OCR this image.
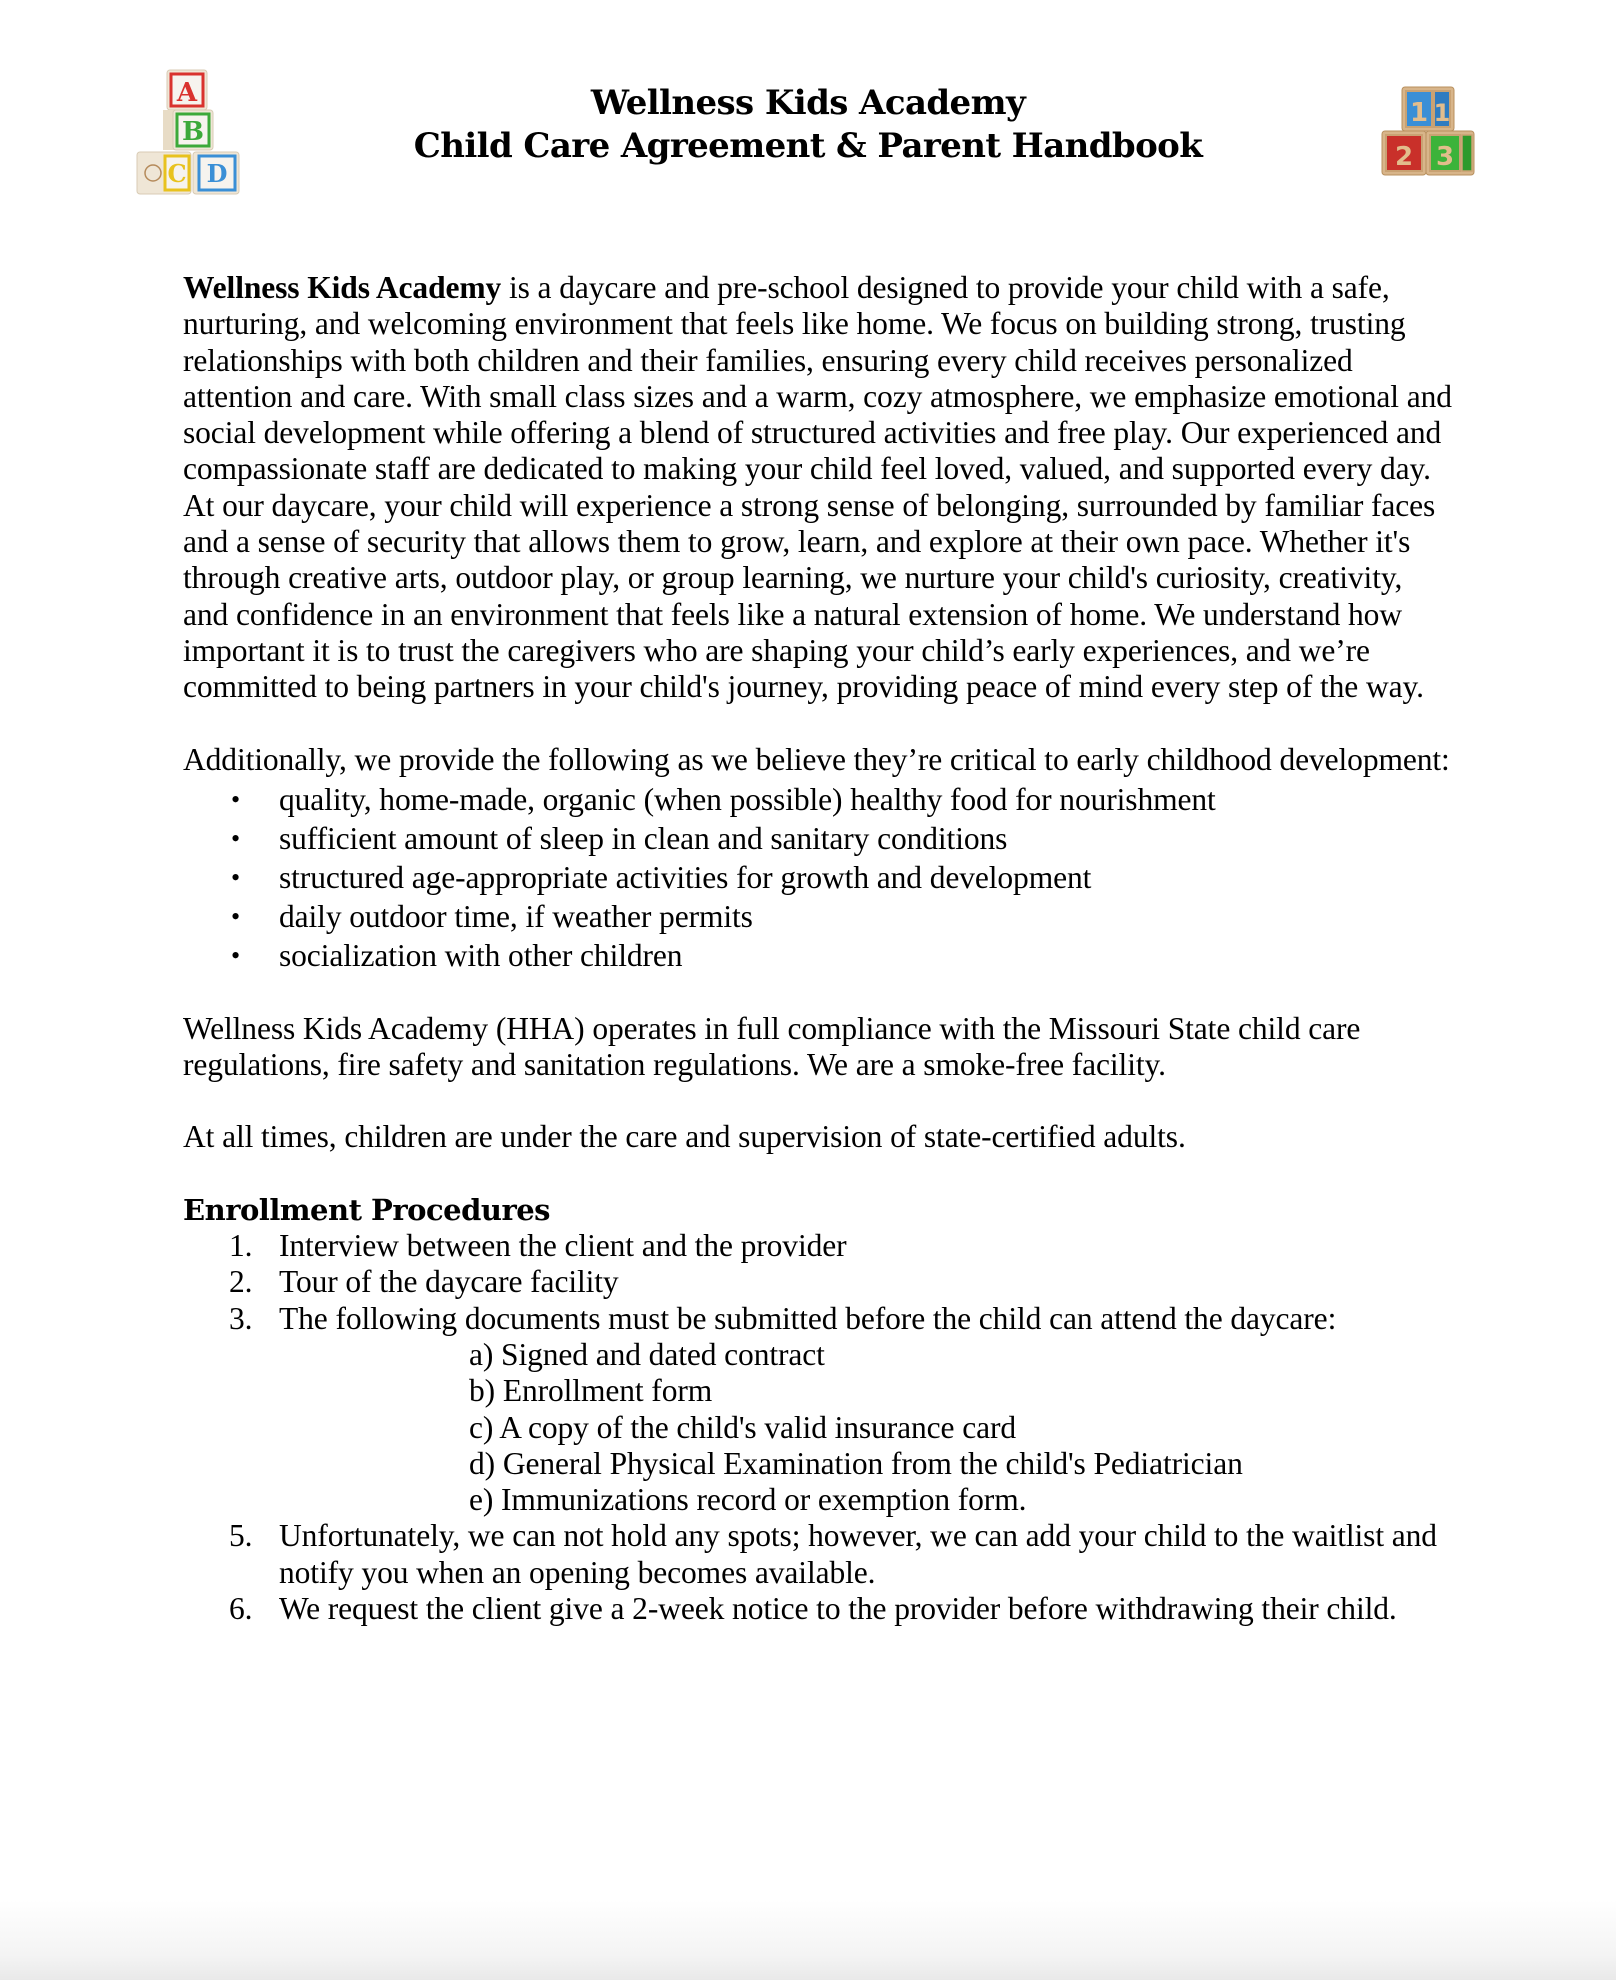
A
B
C D
Wellness Kids Academy
Child Care Agreement & Parent Handbook
1 1
2 3

Wellness Kids Academy is a daycare and pre-school designed to provide your child with a safe, nurturing, and welcoming environment that feels like home. We focus on building strong, trusting relationships with both children and their families, ensuring every child receives personalized attention and care. With small class sizes and a warm, cozy atmosphere, we emphasize emotional and social development while offering a blend of structured activities and free play. Our experienced and compassionate staff are dedicated to making your child feel loved, valued, and supported every day. At our daycare, your child will experience a strong sense of belonging, surrounded by familiar faces and a sense of security that allows them to grow, learn, and explore at their own pace. Whether it's through creative arts, outdoor play, or group learning, we nurture your child's curiosity, creativity, and confidence in an environment that feels like a natural extension of home. We understand how important it is to trust the caregivers who are shaping your child’s early experiences, and we’re committed to being partners in your child's journey, providing peace of mind every step of the way.

Additionally, we provide the following as we believe they’re critical to early childhood development:

• quality, home-made, organic (when possible) healthy food for nourishment
• sufficient amount of sleep in clean and sanitary conditions
• structured age-appropriate activities for growth and development
• daily outdoor time, if weather permits
• socialization with other children

Wellness Kids Academy (HHA) operates in full compliance with the Missouri State child care regulations, fire safety and sanitation regulations. We are a smoke-free facility.

At all times, children are under the care and supervision of state-certified adults.

Enrollment Procedures
1. Interview between the client and the provider
2. Tour of the daycare facility
3. The following documents must be submitted before the child can attend the daycare:
a) Signed and dated contract
b) Enrollment form
c) A copy of the child's valid insurance card
d) General Physical Examination from the child's Pediatrician
e) Immunizations record or exemption form.
5. Unfortunately, we can not hold any spots; however, we can add your child to the waitlist and notify you when an opening becomes available.
6. We request the client give a 2-week notice to the provider before withdrawing their child.
